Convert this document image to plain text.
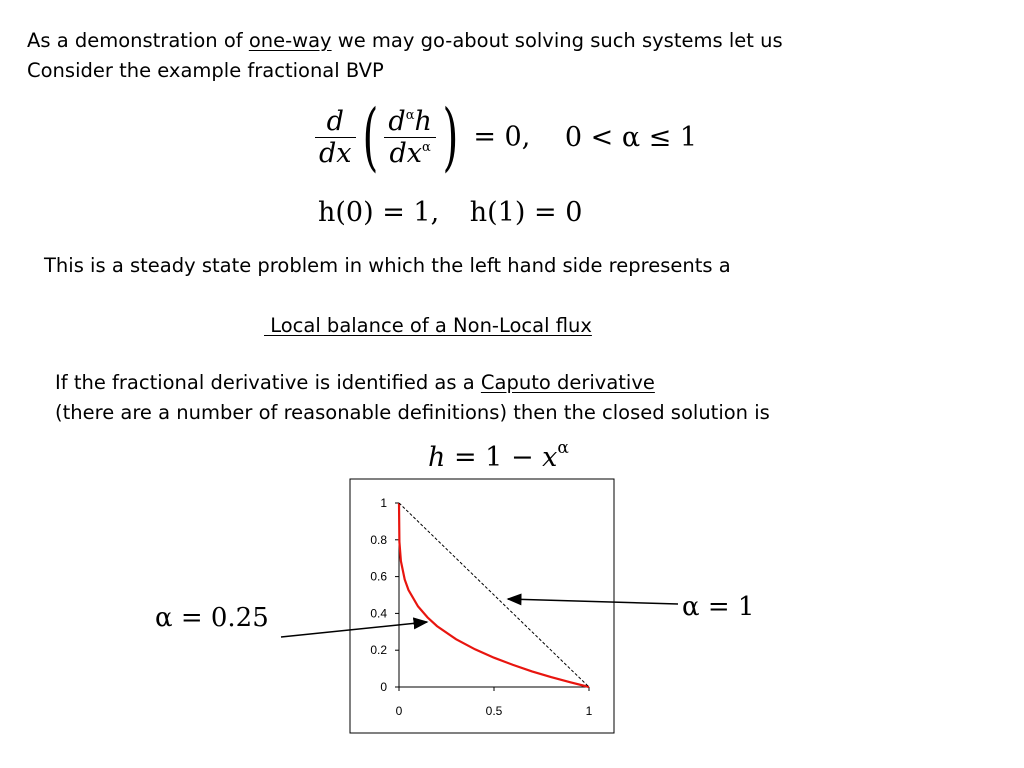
As a demonstration of one-way we may go-about solving such systems let us
Consider the example fractional BVP
$\frac{d}{dx}$ ( $\frac{d^\alpha h}{dx^\alpha}$ ) = 0, 0 < α ≤ 1
h(0) = 1, h(1) = 0
This is a steady state problem in which the left hand side represents a
Local balance of a Non-Local flux
If the fractional derivative is identified as a Caputo derivative
(there are a number of reasonable definitions) then the closed solution is
$h = 1 - x^\alpha$
0
0.2
0.4
0.6
0.8
1
0	0.5	1
α = 0.25	α = 1
